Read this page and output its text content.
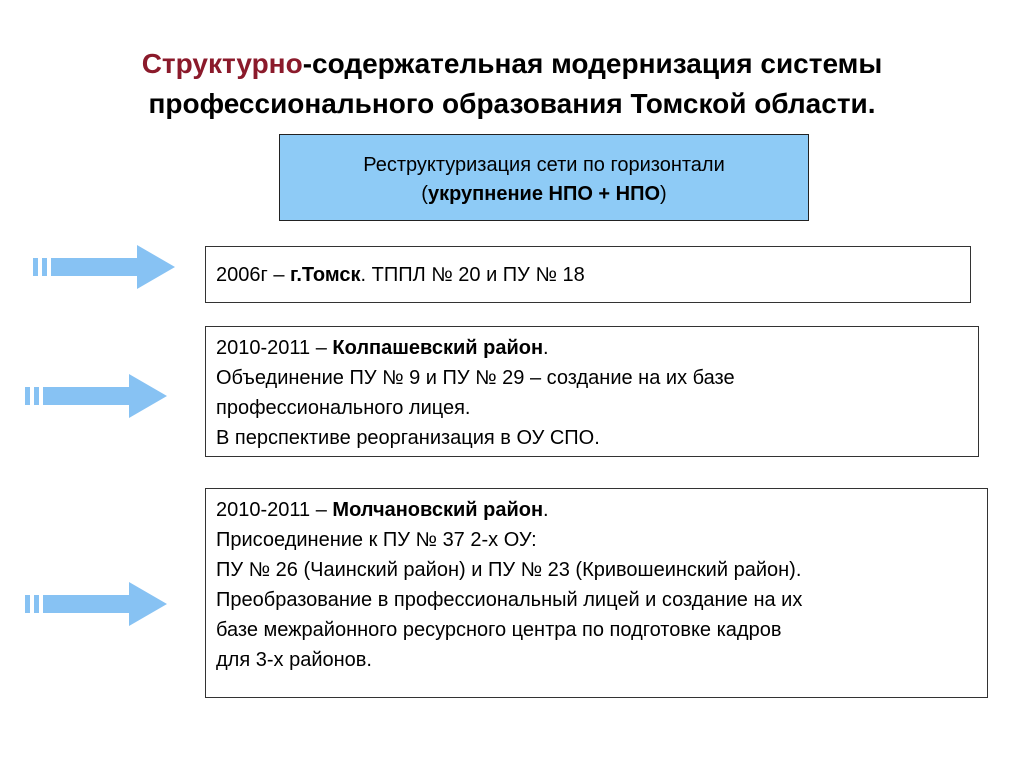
Структурно-содержательная модернизация системы
профессионального образования Томской области.
Реструктуризация сети по горизонтали
(укрупнение НПО + НПО)
2006г – г.Томск. ТППЛ № 20 и ПУ № 18
2010-2011 – Колпашевский район.
Объединение ПУ № 9 и ПУ № 29 – создание на их базе
профессионального лицея.
В перспективе реорганизация в ОУ СПО.
2010-2011 – Молчановский район.
Присоединение к ПУ № 37 2-х ОУ:
ПУ № 26 (Чаинский район) и ПУ № 23 (Кривошеинский район).
Преобразование в профессиональный лицей и создание на их
базе межрайонного ресурсного центра по подготовке кадров
для 3-х районов.
